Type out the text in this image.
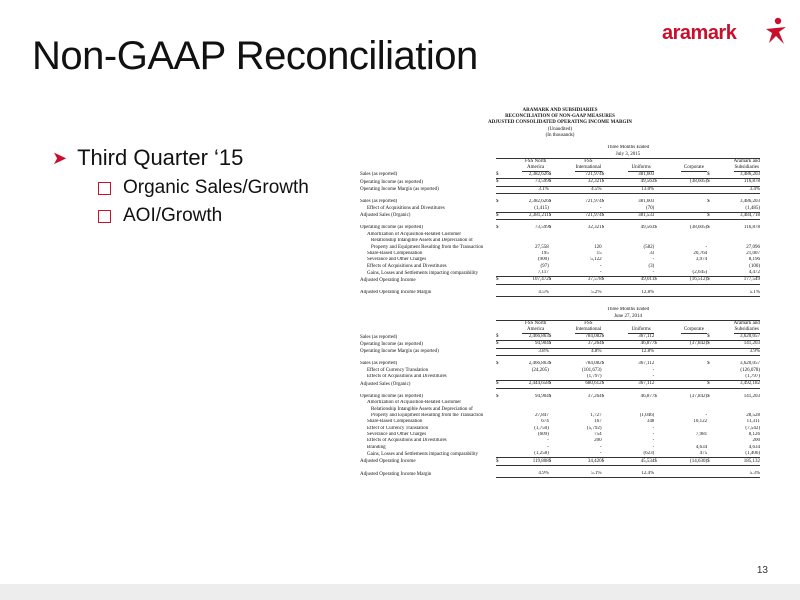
Non-GAAP Reconciliation
aramark
➤ Third Quarter ‘15
Organic Sales/Growth
AOI/Growth
ARAMARK AND SUBSIDIARIES
RECONCILIATION OF NON-GAAP MEASURES
ADJUSTED CONSOLIDATED OPERATING INCOME MARGIN
(Unaudited)
(In thousands)
	Three Months Ended									
	July 3, 2015									
		FSS North America		FSS International		Uniforms		Corporate		Aramark and Subsidiaries
Sales (as reported)	$	2,382,626	$	721,974	$	381,603			$	3,486,203
Operating Income (as reported)	$	73,599	$	32,321	$	49,563	$	(38,605)	$	116,878
Operating Income Margin (as reported)		3.1%		4.5%		13.0%				3.4%

Sales (as reported)	$	2,382,626	$	721,974	$	381,603			$	3,486,203
Effect of Acquisitions and Divestitures		(1,415)		-		(70)				(1,485)
Adjusted Sales (Organic)	$	2,381,211	$	721,974	$	381,533			$	3,484,718

Operating Income (as reported)	$	73,599	$	32,321	$	49,563	$	(38,605)	$	116,878
Amortization of Acquisition-Related Customer										
Relationship Intangible Assets and Depreciation of										
Property and Equipment Resulting from the Transaction		27,558		120		(582)		-		27,096
Share-Based Compensation		195		15		33		20,764		21,007
Severance and Other Charges		(900)		5,122		-		3,974		8,196
Effects of Acquisitions and Divestitures		(97)		-		(3)				(100)
Gains, Losses and Settlements impacting comparability		7,117		-		-		(2,645)		4,472
Adjusted Operating Income	$	107,472	$	37,578	$	49,011	$	(16,512)	$	177,549

Adjusted Operating Income Margin		4.5%		5.2%		12.8%				5.1%
	Three Months Ended									
	June 27, 2014									
		FSS North America		FSS International		Uniforms		Corporate		Aramark and Subsidiaries
Sales (as reported)	$	2,466,863	$	784,082	$	367,112			$	3,620,057
Operating Income (as reported)	$	94,904	$	37,264	$	46,877	$	(37,842)	$	141,203
Operating Income Margin (as reported)		3.8%		4.8%		12.8%				3.9%

Sales (as reported)	$	2,466,863	$	784,082	$	367,112			$	3,620,057
Effect of Currency Translation		(24,205)		(101,673)		-				(126,078)
Effects of Acquisitions and Divestitures				(1,797)		-				(1,797)
Adjusted Sales (Organic)	$	2,444,658	$	680,612	$	367,112			$	3,492,182

Operating Income (as reported)	$	94,904	$	37,264	$	46,877	$	(37,842)	$	141,203
Amortization of Acquisition-Related Customer										
Relationship Intangible Assets and Depreciation of										
Property and Equipment Resulting from the Transaction		27,847		1,727		(1,046)		-		28,528
Share-Based Compensation		674		167		348		10,122		11,311
Effect of Currency Translation		(1,750)		(5,792)		-				(7,542)
Severance and Other Charges		(609)		754		-		7,981		8,126
Effects of Acquisitions and Divestitures		-		200		-				200
Branding		-		-		-		4,634		4,634
Gains, Losses and Settlements impacting comparability		(1,258)		-		(623)		475		(1,406)
Adjusted Operating Income	$	119,808	$	34,420	$	45,534	$	(14,630)	$	185,132

Adjusted Operating Income Margin		4.9%		5.1%		12.4%				5.3%
13
